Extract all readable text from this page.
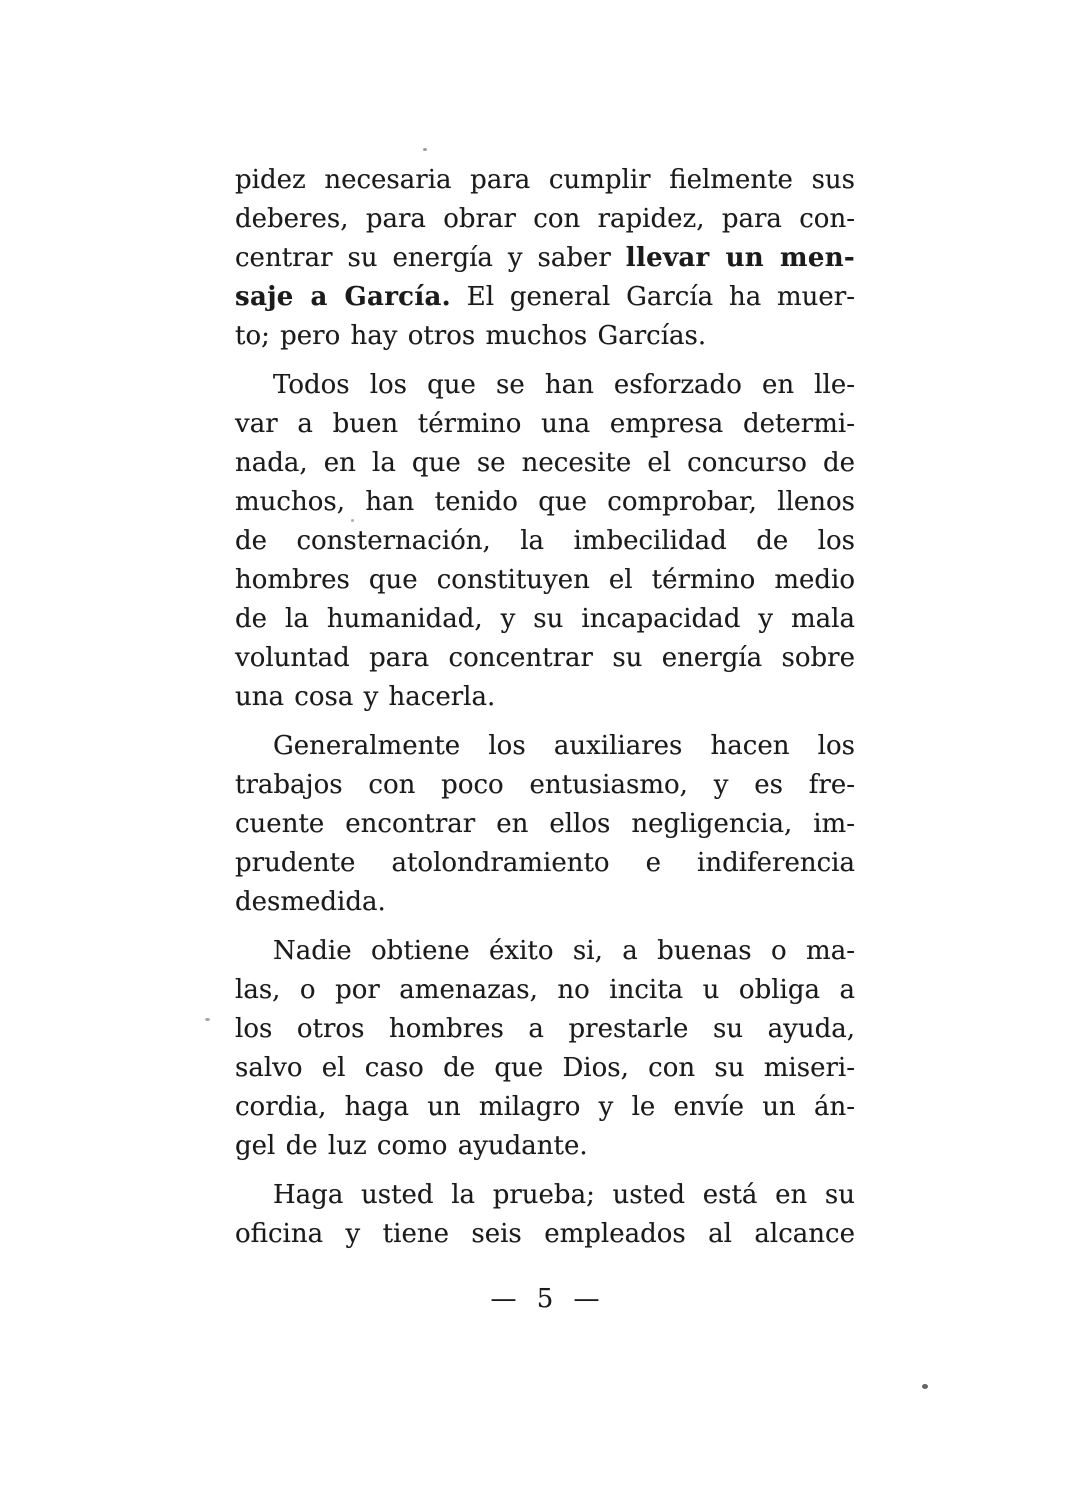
pidez necesaria para cumplir fielmente sus
deberes, para obrar con rapidez, para con-
centrar su energía y saber llevar un men-
saje a García. El general García ha muer-
to; pero hay otros muchos Garcías.
Todos los que se han esforzado en lle-
var a buen término una empresa determi-
nada, en la que se necesite el concurso de
muchos, han tenido que comprobar, llenos
de consternación, la imbecilidad de los
hombres que constituyen el término medio
de la humanidad, y su incapacidad y mala
voluntad para concentrar su energía sobre
una cosa y hacerla.
Generalmente los auxiliares hacen los
trabajos con poco entusiasmo, y es fre-
cuente encontrar en ellos negligencia, im-
prudente atolondramiento e indiferencia
desmedida.
Nadie obtiene éxito si, a buenas o ma-
las, o por amenazas, no incita u obliga a
los otros hombres a prestarle su ayuda,
salvo el caso de que Dios, con su miseri-
cordia, haga un milagro y le envíe un án-
gel de luz como ayudante.
Haga usted la prueba; usted está en su
oficina y tiene seis empleados al alcance
— 5 —
